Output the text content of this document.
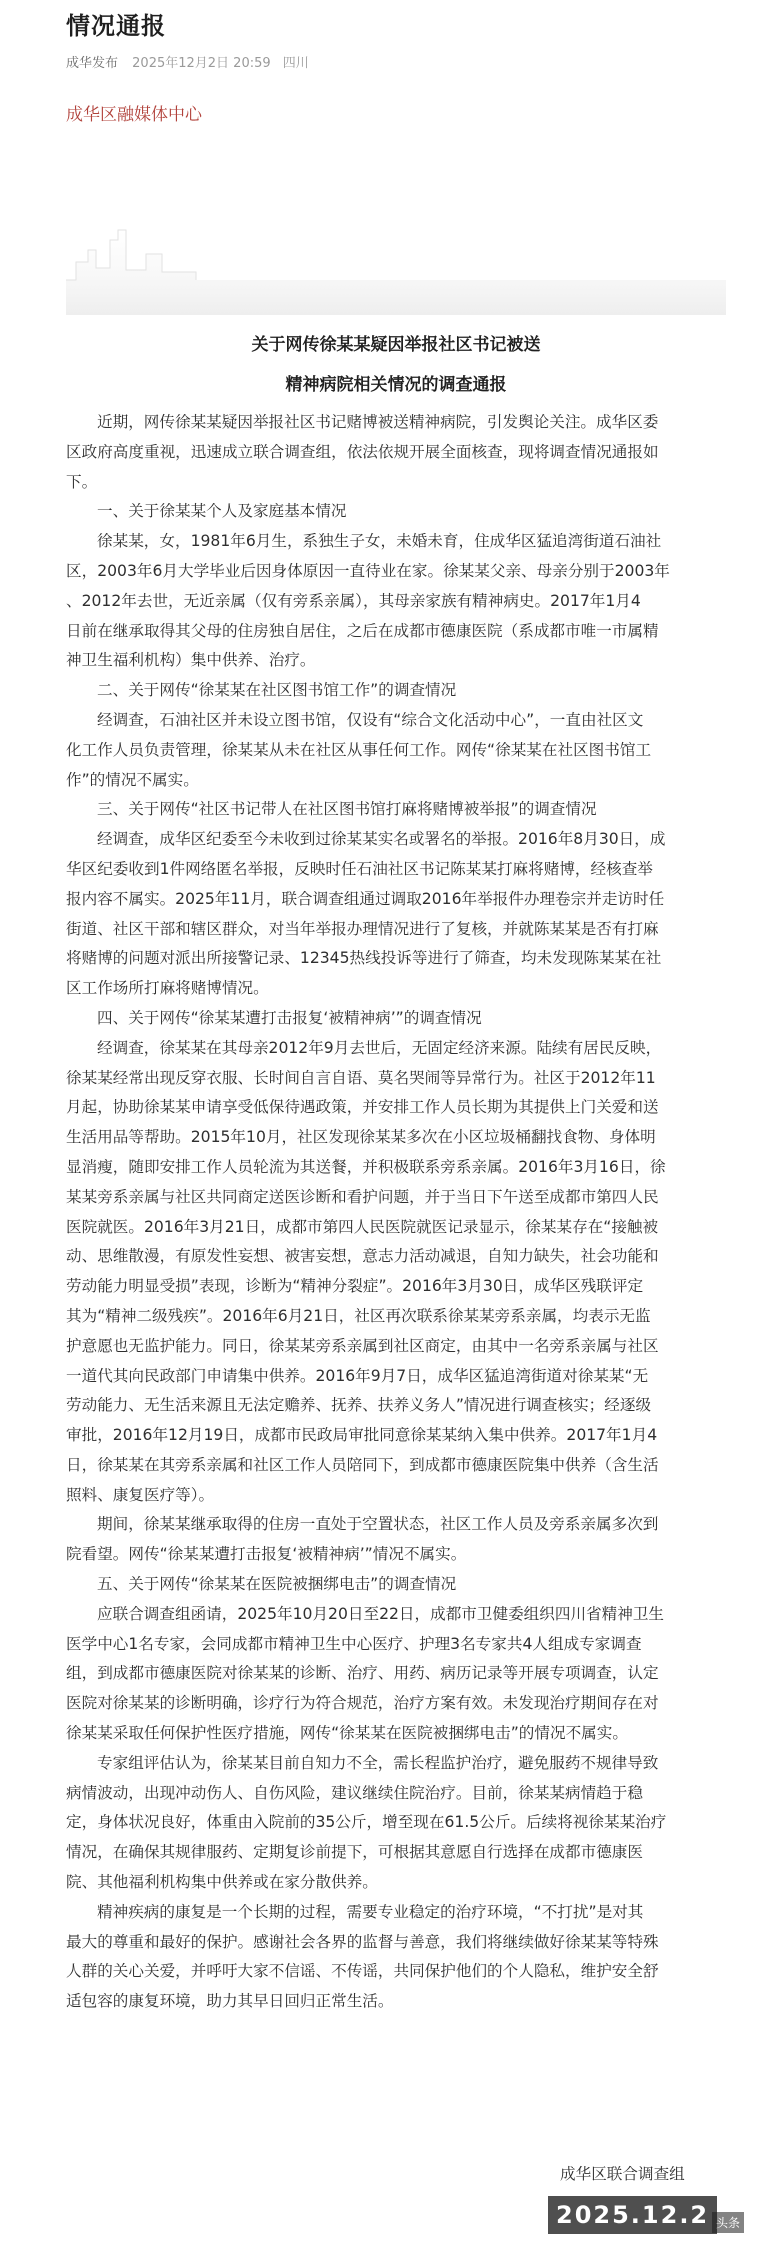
情况通报
成华发布 2025年12月2日 20:59 四川
成华区融媒体中心
关于网传徐某某疑因举报社区书记被送
精神病院相关情况的调查通报
近期，网传徐某某疑因举报社区书记赌博被送精神病院，引发舆论关注。成华区委
区政府高度重视，迅速成立联合调查组，依法依规开展全面核查，现将调查情况通报如
下。
一、关于徐某某个人及家庭基本情况
徐某某，女，1981年6月生，系独生子女，未婚未育，住成华区猛追湾街道石油社
区，2003年6月大学毕业后因身体原因一直待业在家。徐某某父亲、母亲分别于2003年
、2012年去世，无近亲属（仅有旁系亲属），其母亲家族有精神病史。2017年1月4
日前在继承取得其父母的住房独自居住，之后在成都市德康医院（系成都市唯一市属精
神卫生福利机构）集中供养、治疗。
二、关于网传“徐某某在社区图书馆工作”的调查情况
经调查，石油社区并未设立图书馆，仅设有“综合文化活动中心”，一直由社区文
化工作人员负责管理，徐某某从未在社区从事任何工作。网传“徐某某在社区图书馆工
作”的情况不属实。
三、关于网传“社区书记带人在社区图书馆打麻将赌博被举报”的调查情况
经调查，成华区纪委至今未收到过徐某某实名或署名的举报。2016年8月30日，成
华区纪委收到1件网络匿名举报，反映时任石油社区书记陈某某打麻将赌博，经核查举
报内容不属实。2025年11月，联合调查组通过调取2016年举报件办理卷宗并走访时任
街道、社区干部和辖区群众，对当年举报办理情况进行了复核，并就陈某某是否有打麻
将赌博的问题对派出所接警记录、12345热线投诉等进行了筛查，均未发现陈某某在社
区工作场所打麻将赌博情况。
四、关于网传“徐某某遭打击报复‘被精神病’”的调查情况
经调查，徐某某在其母亲2012年9月去世后，无固定经济来源。陆续有居民反映，
徐某某经常出现反穿衣服、长时间自言自语、莫名哭闹等异常行为。社区于2012年11
月起，协助徐某某申请享受低保待遇政策，并安排工作人员长期为其提供上门关爱和送
生活用品等帮助。2015年10月，社区发现徐某某多次在小区垃圾桶翻找食物、身体明
显消瘦，随即安排工作人员轮流为其送餐，并积极联系旁系亲属。2016年3月16日，徐
某某旁系亲属与社区共同商定送医诊断和看护问题，并于当日下午送至成都市第四人民
医院就医。2016年3月21日，成都市第四人民医院就医记录显示，徐某某存在“接触被
动、思维散漫，有原发性妄想、被害妄想，意志力活动减退，自知力缺失，社会功能和
劳动能力明显受损”表现，诊断为“精神分裂症”。2016年3月30日，成华区残联评定
其为“精神二级残疾”。2016年6月21日，社区再次联系徐某某旁系亲属，均表示无监
护意愿也无监护能力。同日，徐某某旁系亲属到社区商定，由其中一名旁系亲属与社区
一道代其向民政部门申请集中供养。2016年9月7日，成华区猛追湾街道对徐某某“无
劳动能力、无生活来源且无法定赡养、抚养、扶养义务人”情况进行调查核实；经逐级
审批，2016年12月19日，成都市民政局审批同意徐某某纳入集中供养。2017年1月4
日，徐某某在其旁系亲属和社区工作人员陪同下，到成都市德康医院集中供养（含生活
照料、康复医疗等）。
期间，徐某某继承取得的住房一直处于空置状态，社区工作人员及旁系亲属多次到
院看望。网传“徐某某遭打击报复‘被精神病’”情况不属实。
五、关于网传“徐某某在医院被捆绑电击”的调查情况
应联合调查组函请，2025年10月20日至22日，成都市卫健委组织四川省精神卫生
医学中心1名专家，会同成都市精神卫生中心医疗、护理3名专家共4人组成专家调查
组，到成都市德康医院对徐某某的诊断、治疗、用药、病历记录等开展专项调查，认定
医院对徐某某的诊断明确，诊疗行为符合规范，治疗方案有效。未发现治疗期间存在对
徐某某采取任何保护性医疗措施，网传“徐某某在医院被捆绑电击”的情况不属实。
专家组评估认为，徐某某目前自知力不全，需长程监护治疗，避免服药不规律导致
病情波动，出现冲动伤人、自伤风险，建议继续住院治疗。目前，徐某某病情趋于稳
定，身体状况良好，体重由入院前的35公斤，增至现在61.5公斤。后续将视徐某某治疗
情况，在确保其规律服药、定期复诊前提下，可根据其意愿自行选择在成都市德康医
院、其他福利机构集中供养或在家分散供养。
精神疾病的康复是一个长期的过程，需要专业稳定的治疗环境，“不打扰”是对其
最大的尊重和最好的保护。感谢社会各界的监督与善意，我们将继续做好徐某某等特殊
人群的关心关爱，并呼吁大家不信谣、不传谣，共同保护他们的个人隐私，维护安全舒
适包容的康复环境，助力其早日回归正常生活。
成华区联合调查组
2025.12.2 头条
